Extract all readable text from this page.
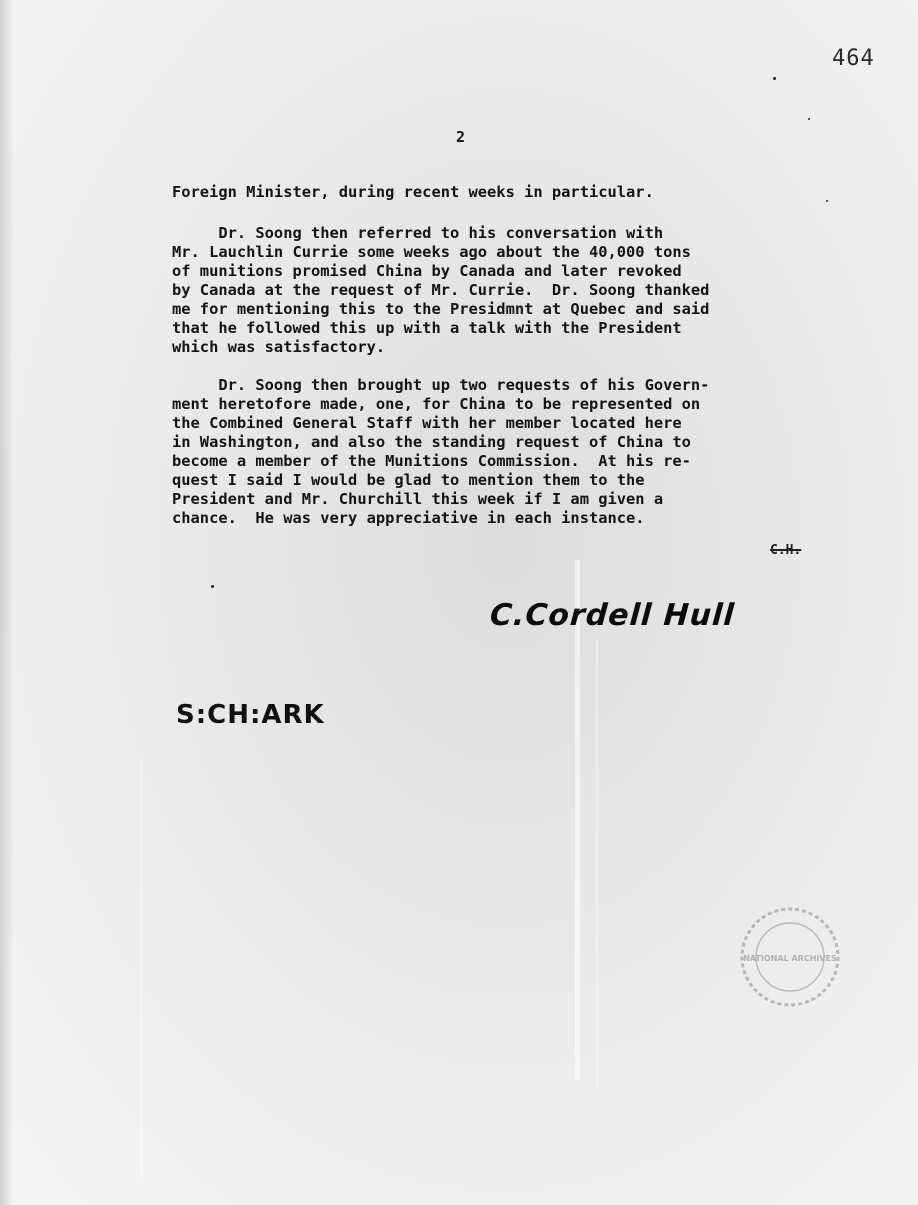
464
2
Foreign Minister, during recent weeks in particular.
Dr. Soong then referred to his conversation with
Mr. Lauchlin Currie some weeks ago about the 40,000 tons
of munitions promised China by Canada and later revoked
by Canada at the request of Mr. Currie.  Dr. Soong thanked
me for mentioning this to the Presidmnt at Quebec and said
that he followed this up with a talk with the President
which was satisfactory.
Dr. Soong then brought up two requests of his Govern-
ment heretofore made, one, for China to be represented on
the Combined General Staff with her member located here
in Washington, and also the standing request of China to
become a member of the Munitions Commission.  At his re-
quest I said I would be glad to mention them to the
President and Mr. Churchill this week if I am given a
chance.  He was very appreciative in each instance.
C.H.
C.Cordell Hull
S:CH:ARK
NATIONAL ARCHIVES
